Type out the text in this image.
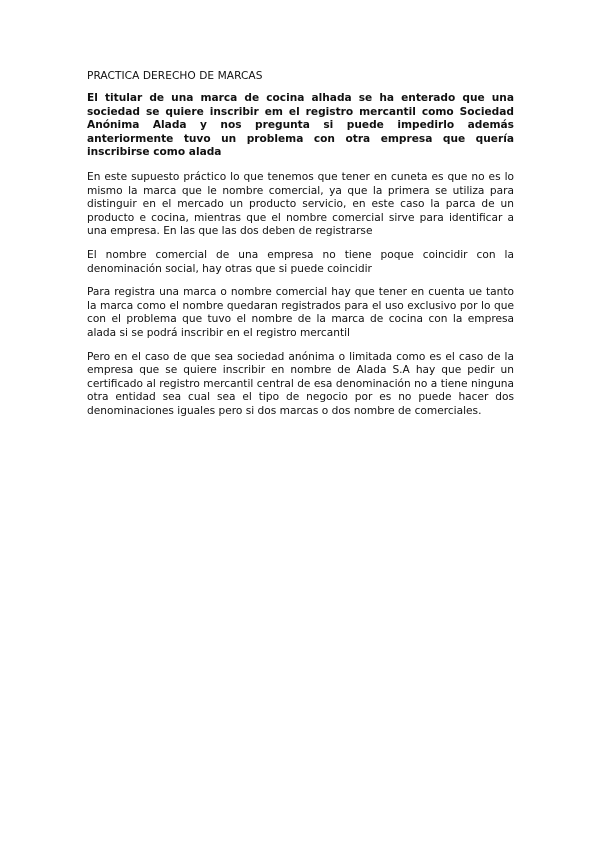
PRACTICA DERECHO DE MARCAS

El titular de una marca de cocina alhada se ha enterado que una sociedad se quiere inscribir em el registro mercantil como Sociedad Anónima Alada y nos pregunta si puede impedirlo además anteriormente tuvo un problema con otra empresa que quería inscribirse como alada

En este supuesto práctico lo que tenemos que tener en cuneta es que no es lo mismo la marca que le nombre comercial, ya que la primera se utiliza para distinguir en el mercado un producto servicio, en este caso la parca de un producto e cocina, mientras que el nombre comercial sirve para identificar a una empresa. En las que las dos deben de registrarse

El nombre comercial de una empresa no tiene poque coincidir con la denominación social, hay otras que si puede coincidir

Para registra una marca o nombre comercial hay que tener en cuenta ue tanto la marca como el nombre quedaran registrados para el uso exclusivo por lo que con el problema que tuvo el nombre de la marca de cocina con la empresa alada si se podrá inscribir en el registro mercantil

Pero en el caso de que sea sociedad anónima o limitada como es el caso de la empresa que se quiere inscribir en nombre de Alada S.A hay que pedir un certificado al registro mercantil central de esa denominación no a tiene ninguna otra entidad sea cual sea el tipo de negocio por es no puede hacer dos denominaciones iguales pero si dos marcas o dos nombre de comerciales.
